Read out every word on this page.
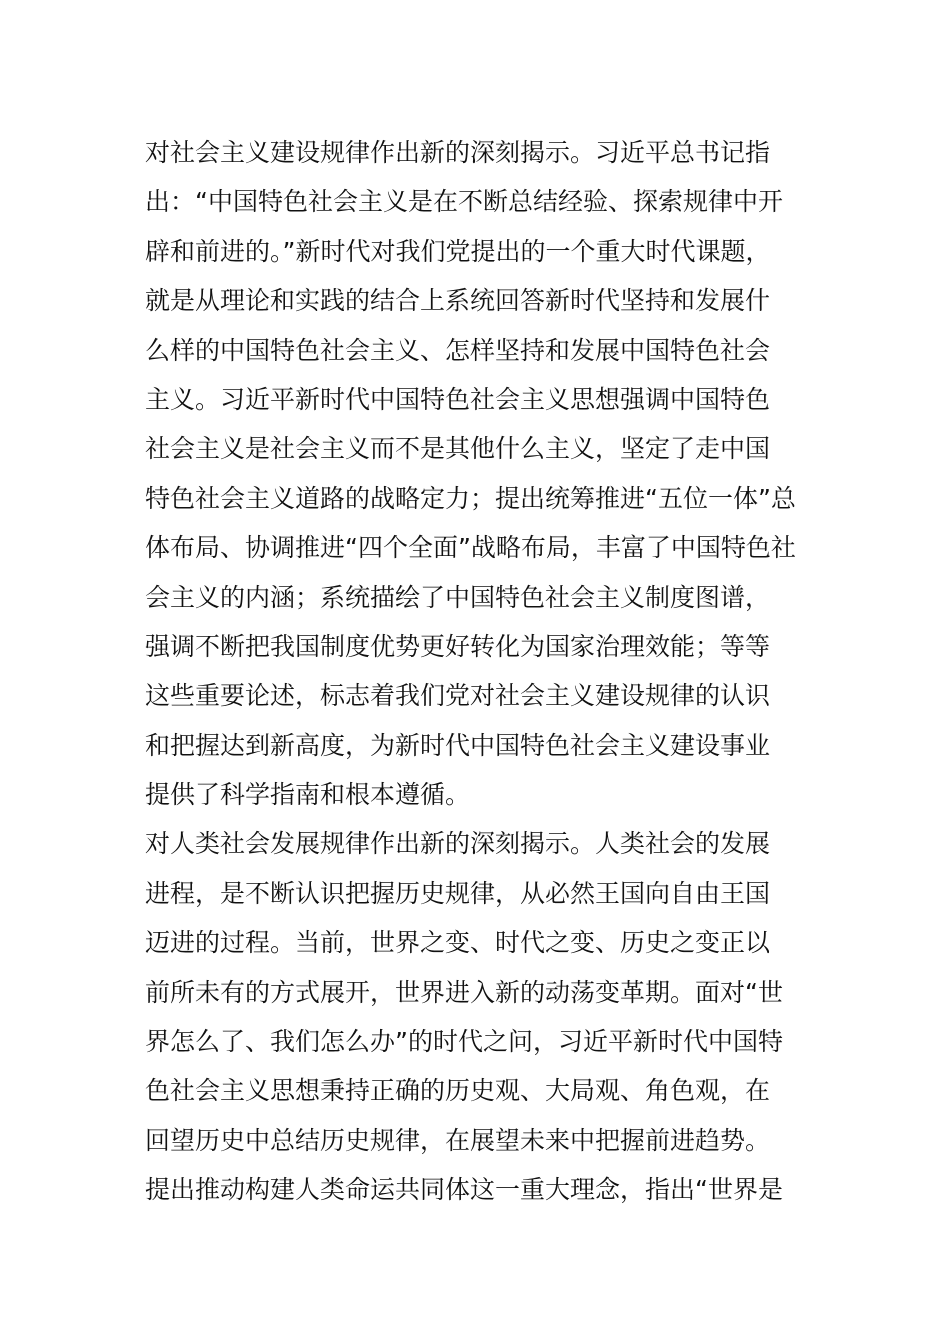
对社会主义建设规律作出新的深刻揭示。习近平总书记指
出：“中国特色社会主义是在不断总结经验、探索规律中开
辟和前进的。”新时代对我们党提出的一个重大时代课题，
就是从理论和实践的结合上系统回答新时代坚持和发展什
么样的中国特色社会主义、怎样坚持和发展中国特色社会
主义。习近平新时代中国特色社会主义思想强调中国特色
社会主义是社会主义而不是其他什么主义，坚定了走中国
特色社会主义道路的战略定力；提出统筹推进“五位一体”总
体布局、协调推进“四个全面”战略布局，丰富了中国特色社
会主义的内涵；系统描绘了中国特色社会主义制度图谱，
强调不断把我国制度优势更好转化为国家治理效能；等等
这些重要论述，标志着我们党对社会主义建设规律的认识
和把握达到新高度，为新时代中国特色社会主义建设事业
提供了科学指南和根本遵循。
对人类社会发展规律作出新的深刻揭示。人类社会的发展
进程，是不断认识把握历史规律，从必然王国向自由王国
迈进的过程。当前，世界之变、时代之变、历史之变正以
前所未有的方式展开，世界进入新的动荡变革期。面对“世
界怎么了、我们怎么办”的时代之问，习近平新时代中国特
色社会主义思想秉持正确的历史观、大局观、角色观，在
回望历史中总结历史规律，在展望未来中把握前进趋势。
提出推动构建人类命运共同体这一重大理念，指出“世界是
